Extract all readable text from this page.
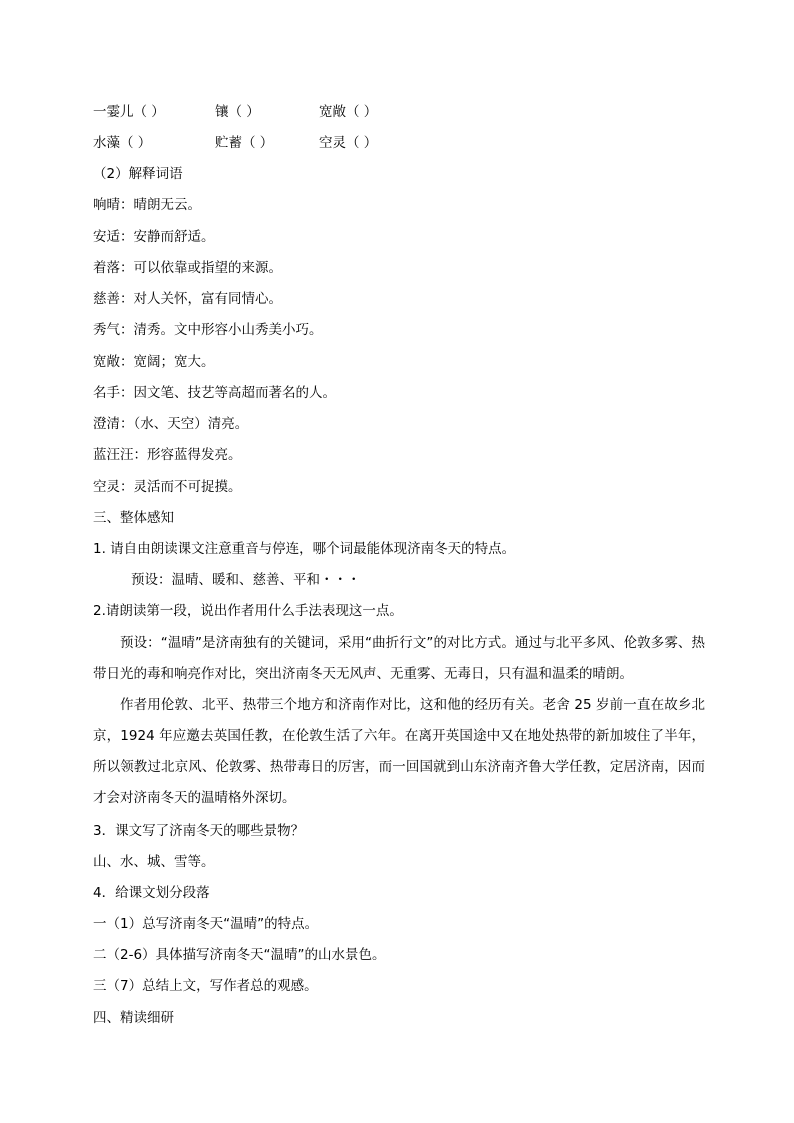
一霎儿（ ）	镶（ ）	宽敞（ ）
水藻（ ）	贮蓄（ ）	空灵（ ）
（2）解释词语
响晴：晴朗无云。
安适：安静而舒适。
着落：可以依靠或指望的来源。
慈善：对人关怀，富有同情心。
秀气：清秀。文中形容小山秀美小巧。
宽敞：宽阔；宽大。
名手：因文笔、技艺等高超而著名的人。
澄清：（水、天空）清亮。
蓝汪汪：形容蓝得发亮。
空灵：灵活而不可捉摸。
三、整体感知
1. 请自由朗读课文注意重音与停连，哪个词最能体现济南冬天的特点。
预设：温晴、暖和、慈善、平和・・・
2.请朗读第一段，说出作者用什么手法表现这一点。

预设：“温晴”是济南独有的关键词，采用“曲折行文”的对比方式。通过与北平多风、伦敦多雾、热带日光的毒和响亮作对比，突出济南冬天无风声、无重雾、无毒日，只有温和温柔的晴朗。

作者用伦敦、北平、热带三个地方和济南作对比，这和他的经历有关。老舍 25 岁前一直在故乡北京，1924 年应邀去英国任教，在伦敦生活了六年。在离开英国途中又在地处热带的新加坡住了半年，所以领教过北京风、伦敦雾、热带毒日的厉害，而一回国就到山东济南齐鲁大学任教，定居济南，因而才会对济南冬天的温晴格外深切。

3．课文写了济南冬天的哪些景物？
山、水、城、雪等。
4．给课文划分段落
一（1）总写济南冬天“温晴”的特点。
二（2-6）具体描写济南冬天“温晴”的山水景色。
三（7）总结上文，写作者总的观感。
四、精读细研
